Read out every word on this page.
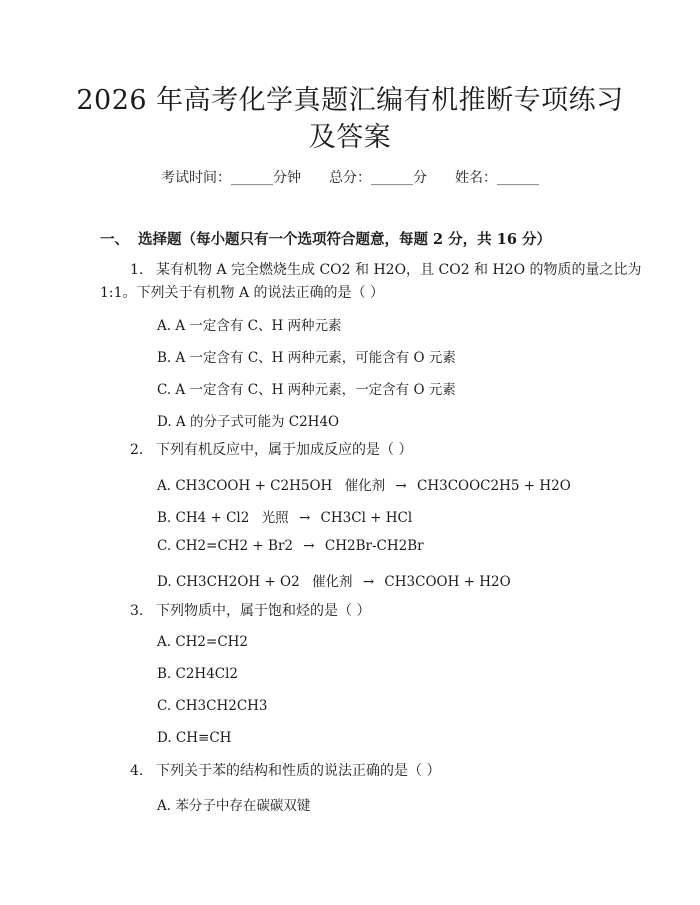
2026 年高考化学真题汇编有机推断专项练习
及答案
考试时间：______分钟 总分：______分 姓名：______
一、 选择题（每小题只有一个选项符合题意，每题 2 分，共 16 分）
1. 某有机物 A 完全燃烧生成 CO2 和 H2O，且 CO2 和 H2O 的物质的量之比为
1:1。下列关于有机物 A 的说法正确的是（ ）
A. A 一定含有 C、H 两种元素
B. A 一定含有 C、H 两种元素，可能含有 O 元素
C. A 一定含有 C、H 两种元素，一定含有 O 元素
D. A 的分子式可能为 C2H4O
2. 下列有机反应中，属于加成反应的是（ ）
A. CH3COOH + C2H5OH 催化剂 → CH3COOC2H5 + H2O
B. CH4 + Cl2 光照 → CH3Cl + HCl
C. CH2=CH2 + Br2 → CH2Br-CH2Br
D. CH3CH2OH + O2 催化剂 → CH3COOH + H2O
3. 下列物质中，属于饱和烃的是（ ）
A. CH2=CH2
B. C2H4Cl2
C. CH3CH2CH3
D. CH≡CH
4. 下列关于苯的结构和性质的说法正确的是（ ）
A. 苯分子中存在碳碳双键
